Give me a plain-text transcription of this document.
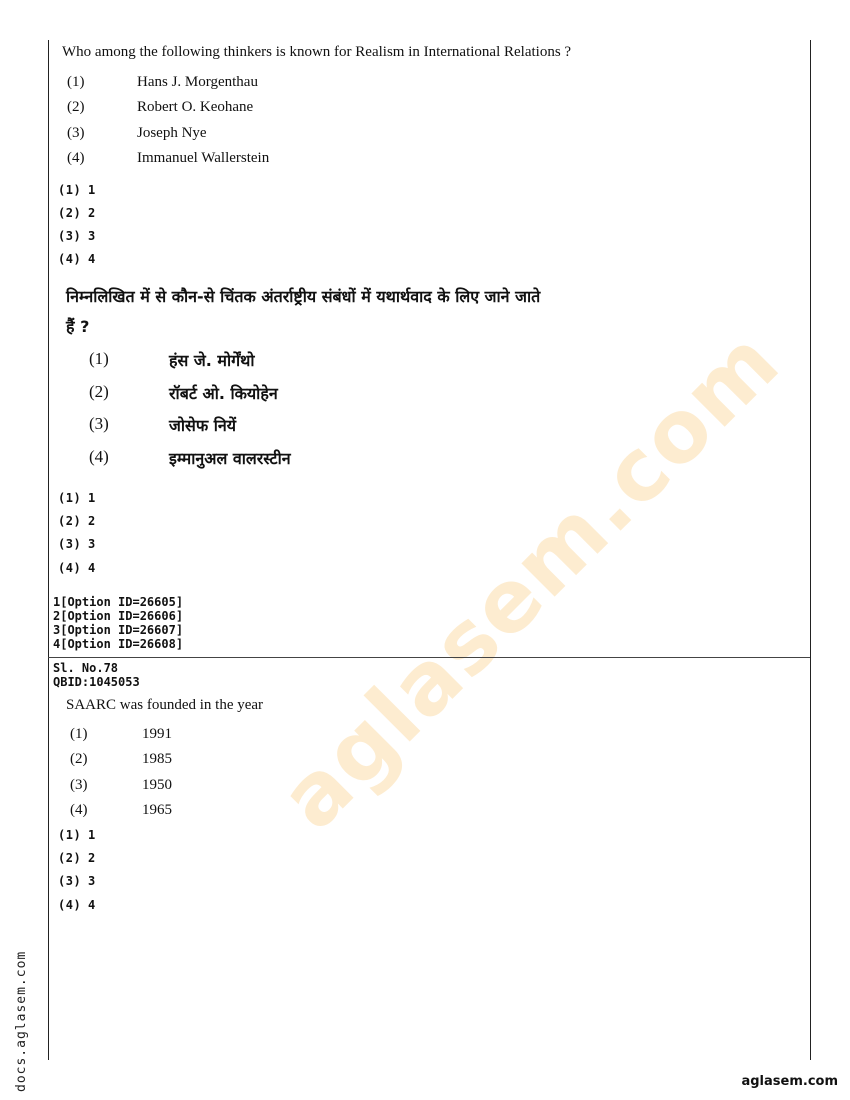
aglasem.com
Who among the following thinkers is known for Realism in International Relations ?
(1)	Hans J. Morgenthau
(2)	Robert O. Keohane
(3)	Joseph Nye
(4)	Immanuel Wallerstein
(1) 1
(2) 2
(3) 3
(4) 4
निम्नलिखित में से कौन-से चिंतक अंतर्राष्ट्रीय संबंधों में यथार्थवाद के लिए जाने जाते
हैं ?
(1)	हंस जे. मोर्गेंथो
(2)	रॉबर्ट ओ. कियोहेन
(3)	जोसेफ नियें
(4)	इम्मानुअल वालरस्टीन
(1) 1
(2) 2
(3) 3
(4) 4
1[Option ID=26605]
2[Option ID=26606]
3[Option ID=26607]
4[Option ID=26608]
Sl. No.78
QBID:1045053
SAARC was founded in the year
(1)	1991
(2)	1985
(3)	1950
(4)	1965
(1) 1
(2) 2
(3) 3
(4) 4
docs.aglasem.com	aglasem.com
